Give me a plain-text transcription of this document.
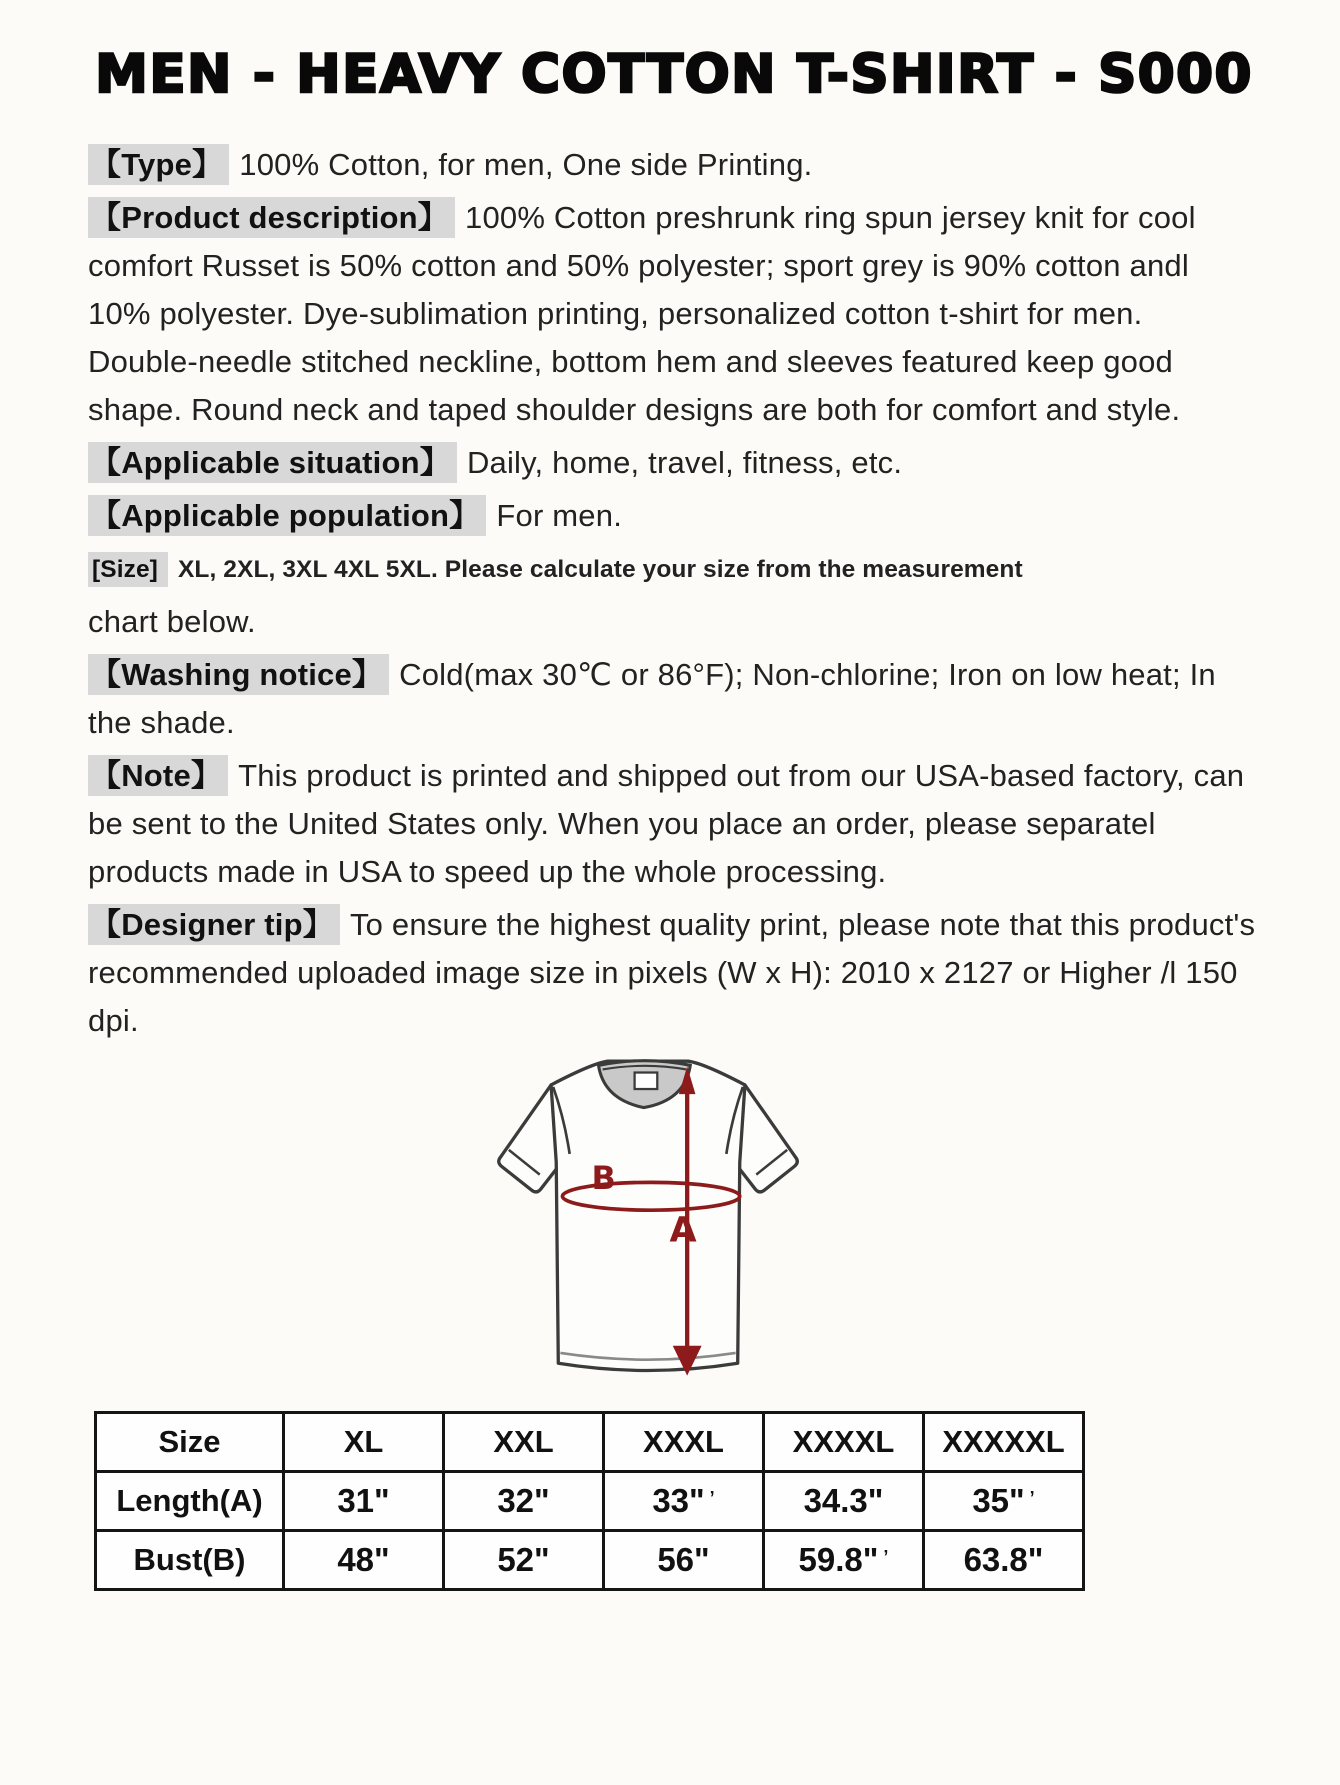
MEN - HEAVY COTTON T-SHIRT - S000

【Type】 100% Cotton, for men, One side Printing.

【Product description】 100% Cotton preshrunk ring spun jersey knit for cool comfort Russet is 50% cotton and 50% polyester; sport grey is 90% cotton andl 10% polyester. Dye-sublimation printing, personalized cotton t-shirt for men. Double-needle stitched neckline, bottom hem and sleeves featured keep good shape. Round neck and taped shoulder designs are both for comfort and style.

【Applicable situation】 Daily, home, travel, fitness, etc.

【Applicable population】 For men.

[Size] XL, 2XL, 3XL 4XL 5XL. Please calculate your size from the measurement

chart below.

【Washing notice】 Cold(max 30℃ or 86°F); Non-chlorine; Iron on low heat; In the shade.

【Note】 This product is printed and shipped out from our USA-based factory, can be sent to the United States only. When you place an order, please separatel products made in USA to speed up the whole processing.

【Designer tip】 To ensure the highest quality print, please note that this product's recommended uploaded image size in pixels (W x H): 2010 x 2127 or Higher /l 150 dpi.

B
A
Size	XL	XXL	XXXL	XXXXL	XXXXXL
Length(A)	31"	32"	33" ’	34.3"	35" ’
Bust(B)	48"	52"	56"	59.8" ’	63.8"
